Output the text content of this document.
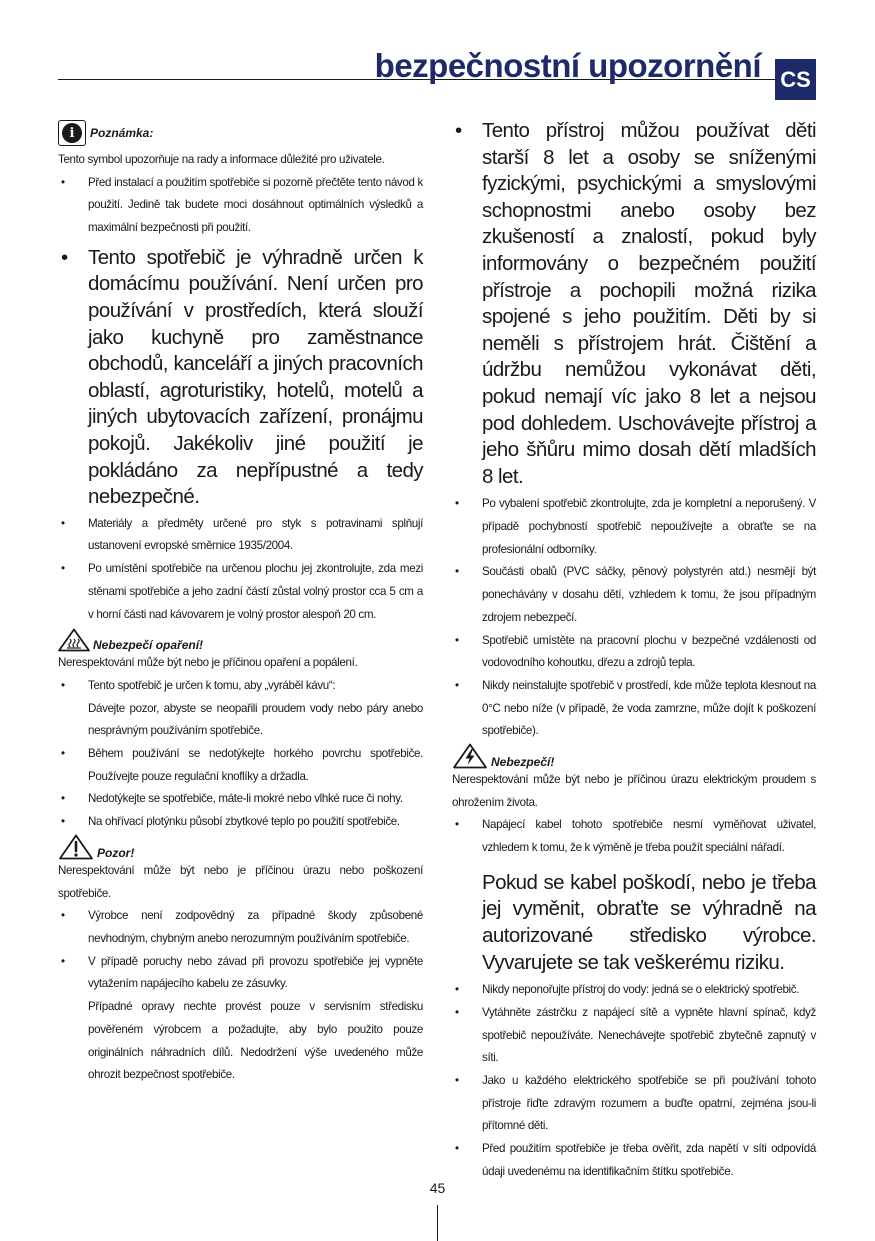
bezpečnostní upozornění CS
i	Poznámka:
Tento symbol upozorňuje na rady a informace důležité pro uživatele.
• Před instalací a použitím spotřebiče si pozorně přečtěte tento návod k použití. Jedině tak budete moci dosáhnout optimálních výsledků a maximální bezpečnosti při použití.
• Tento spotřebič je výhradně určen k domácímu používání. Není určen pro používání v prostředích, která slouží jako kuchyně pro zaměstnance obchodů, kanceláří a jiných pracovních oblastí, agroturistiky, hotelů, motelů a jiných ubytovacích zařízení, pronájmu pokojů. Jakékoliv jiné použití je pokládáno za nepřípustné a tedy nebezpečné.
• Materiály a předměty určené pro styk s potravinami splňují ustanovení evropské směrnice 1935/2004.
• Po umístění spotřebiče na určenou plochu jej zkontrolujte, zda mezi stěnami spotřebiče a jeho zadní částí zůstal volný prostor cca 5 cm a v horní části nad kávovarem je volný prostor alespoň 20 cm.
Nebezpečí opaření!
Nerespektování může být nebo je příčinou opaření a popálení.
• Tento spotřebič je určen k tomu, aby „vyráběl kávu“:
Dávejte pozor, abyste se neopařili proudem vody nebo páry anebo nesprávným používáním spotřebiče.
• Během používání se nedotýkejte horkého povrchu spotřebiče. Používejte pouze regulační knoflíky a držadla.
• Nedotýkejte se spotřebiče, máte-li mokré nebo vlhké ruce či nohy.
• Na ohřívací plotýnku působí zbytkové teplo po použití spotřebiče.
Pozor!
Nerespektování může být nebo je příčinou úrazu nebo poškození spotřebiče.
• Výrobce není zodpovědný za případné škody způsobené nevhodným, chybným anebo nerozumným používáním spotřebiče.
• V případě poruchy nebo závad při provozu spotřebiče jej vypněte vytažením napájecího kabelu ze zásuvky.
Případné opravy nechte provést pouze v servisním středisku pověřeném výrobcem a požadujte, aby bylo použito pouze originálních náhradních dílů. Nedodržení výše uvedeného může ohrozit bezpečnost spotřebiče.
• Tento přístroj můžou používat děti starší 8 let a osoby se sníženými fyzickými, psychickými a smyslovými schopnostmi anebo osoby bez zkušeností a znalostí, pokud byly informovány o bezpečném použití přístroje a pochopili možná rizika spojené s jeho použitím. Děti by si neměli s přístrojem hrát. Čištění a údržbu nemůžou vykonávat děti, pokud nemají víc jako 8 let a nejsou pod dohledem. Uschovávejte přístroj a jeho šňůru mimo dosah dětí mladších 8 let.
• Po vybalení spotřebič zkontrolujte, zda je kompletní a neporušený. V případě pochybností spotřebič nepoužívejte a obraťte se na profesionální odborníky.
• Součásti obalů (PVC sáčky, pěnový polystyrén atd.) nesmějí být ponechávány v dosahu dětí, vzhledem k tomu, že jsou případným zdrojem nebezpečí.
• Spotřebič umístěte na pracovní plochu v bezpečné vzdálenosti od vodovodního kohoutku, dřezu a zdrojů tepla.
• Nikdy neinstalujte spotřebič v prostředí, kde může teplota klesnout na 0°C nebo níže (v případě, že voda zamrzne, může dojít k poškození spotřebiče).
Nebezpečí!
Nerespektování může být nebo je příčinou úrazu elektrickým proudem s ohrožením života.
• Napájecí kabel tohoto spotřebiče nesmí vyměňovat uživatel, vzhledem k tomu, že k výměně je třeba použít speciální nářadí.
Pokud se kabel poškodí, nebo je třeba jej vyměnit, obraťte se výhradně na autorizované středisko výrobce. Vyvarujete se tak veškerému riziku.
• Nikdy neponořujte přístroj do vody: jedná se o elektrický spotřebič.
• Vytáhněte zástrčku z napájecí sítě a vypněte hlavní spínač, když spotřebič nepoužíváte. Nenechávejte spotřebič zbytečně zapnutý v síti.
• Jako u každého elektrického spotřebiče se při používání tohoto přístroje řiďte zdravým rozumem a buďte opatrní, zejména jsou-li přítomné děti.
• Před použitím spotřebiče je třeba ověřit, zda napětí v síti odpovídá údaji uvedenému na identifikačním štítku spotřebiče.
45
